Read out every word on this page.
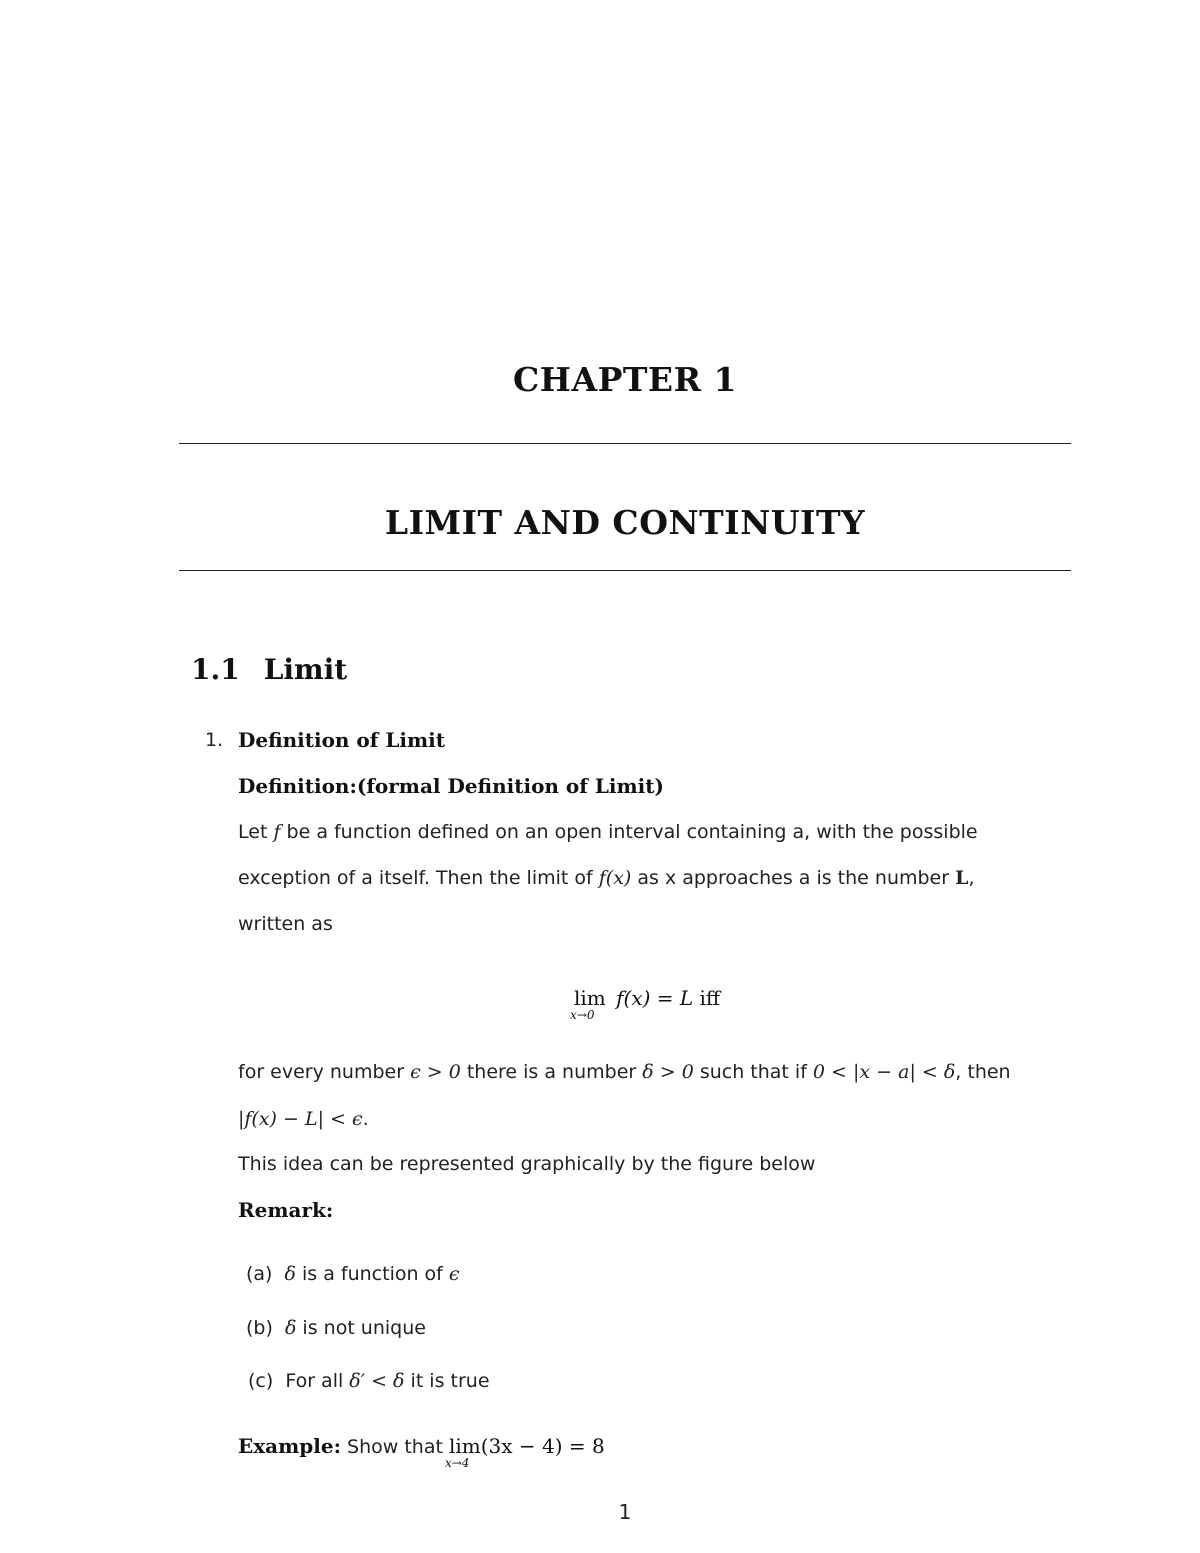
CHAPTER 1
LIMIT AND CONTINUITY
1.1 Limit
1. Definition of Limit
Definition:(formal Definition of Limit)
Let f be a function defined on an open interval containing a, with the possible
exception of a itself. Then the limit of f(x) as x approaches a is the number L,
written as
lim
x→0
f(x) = L iff
for every number ϵ > 0 there is a number δ > 0 such that if 0 < |x − a| < δ, then
|f(x) − L| < ϵ.
This idea can be represented graphically by the figure below
Remark:
(a) δ is a function of ϵ
(b) δ is not unique
(c) For all δ′ < δ it is true
Example: Show that lim
x→4
(3x − 4) = 8
1
